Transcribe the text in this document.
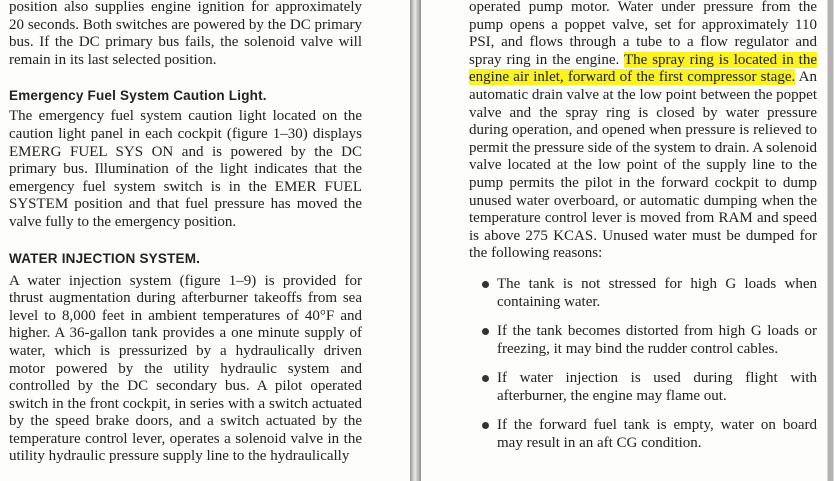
position also supplies engine ignition for approximately 20 seconds. Both switches are powered by the DC primary bus. If the DC primary bus fails, the solenoid valve will remain in its last selected position.

Emergency Fuel System Caution Light.

The emergency fuel system caution light located on the caution light panel in each cockpit (figure 1–30) displays EMERG FUEL SYS ON and is powered by the DC primary bus. Illumination of the light indicates that the emergency fuel system switch is in the EMER FUEL SYSTEM position and that fuel pressure has moved the valve fully to the emergency position.

WATER INJECTION SYSTEM.

A water injection system (figure 1–9) is provided for thrust augmentation during afterburner takeoffs from sea level to 8,000 feet in ambient temperatures of 40°F and higher. A 36-gallon tank provides a one minute supply of water, which is pressurized by a hydraulically driven motor powered by the utility hydraulic system and controlled by the DC secondary bus. A pilot operated switch in the front cockpit, in series with a switch actuated by the speed brake doors, and a switch actuated by the temperature control lever, operates a solenoid valve in the utility hydraulic pressure supply line to the hydraulically

operated pump motor. Water under pressure from the pump opens a poppet valve, set for approximately 110 PSI, and flows through a tube to a flow regulator and spray ring in the engine. The spray ring is located in the engine air inlet, forward of the first compressor stage. An automatic drain valve at the low point between the poppet valve and the spray ring is closed by water pressure during operation, and opened when pressure is relieved to permit the pressure side of the system to drain. A solenoid valve located at the low point of the supply line to the pump permits the pilot in the forward cockpit to dump unused water overboard, or automatic dumping when the temperature control lever is moved from RAM and speed is above 275 KCAS. Unused water must be dumped for the following reasons:

The tank is not stressed for high G loads when containing water.
If the tank becomes distorted from high G loads or freezing, it may bind the rudder control cables.
If water injection is used during flight with afterburner, the engine may flame out.
If the forward fuel tank is empty, water on board may result in an aft CG condition.
